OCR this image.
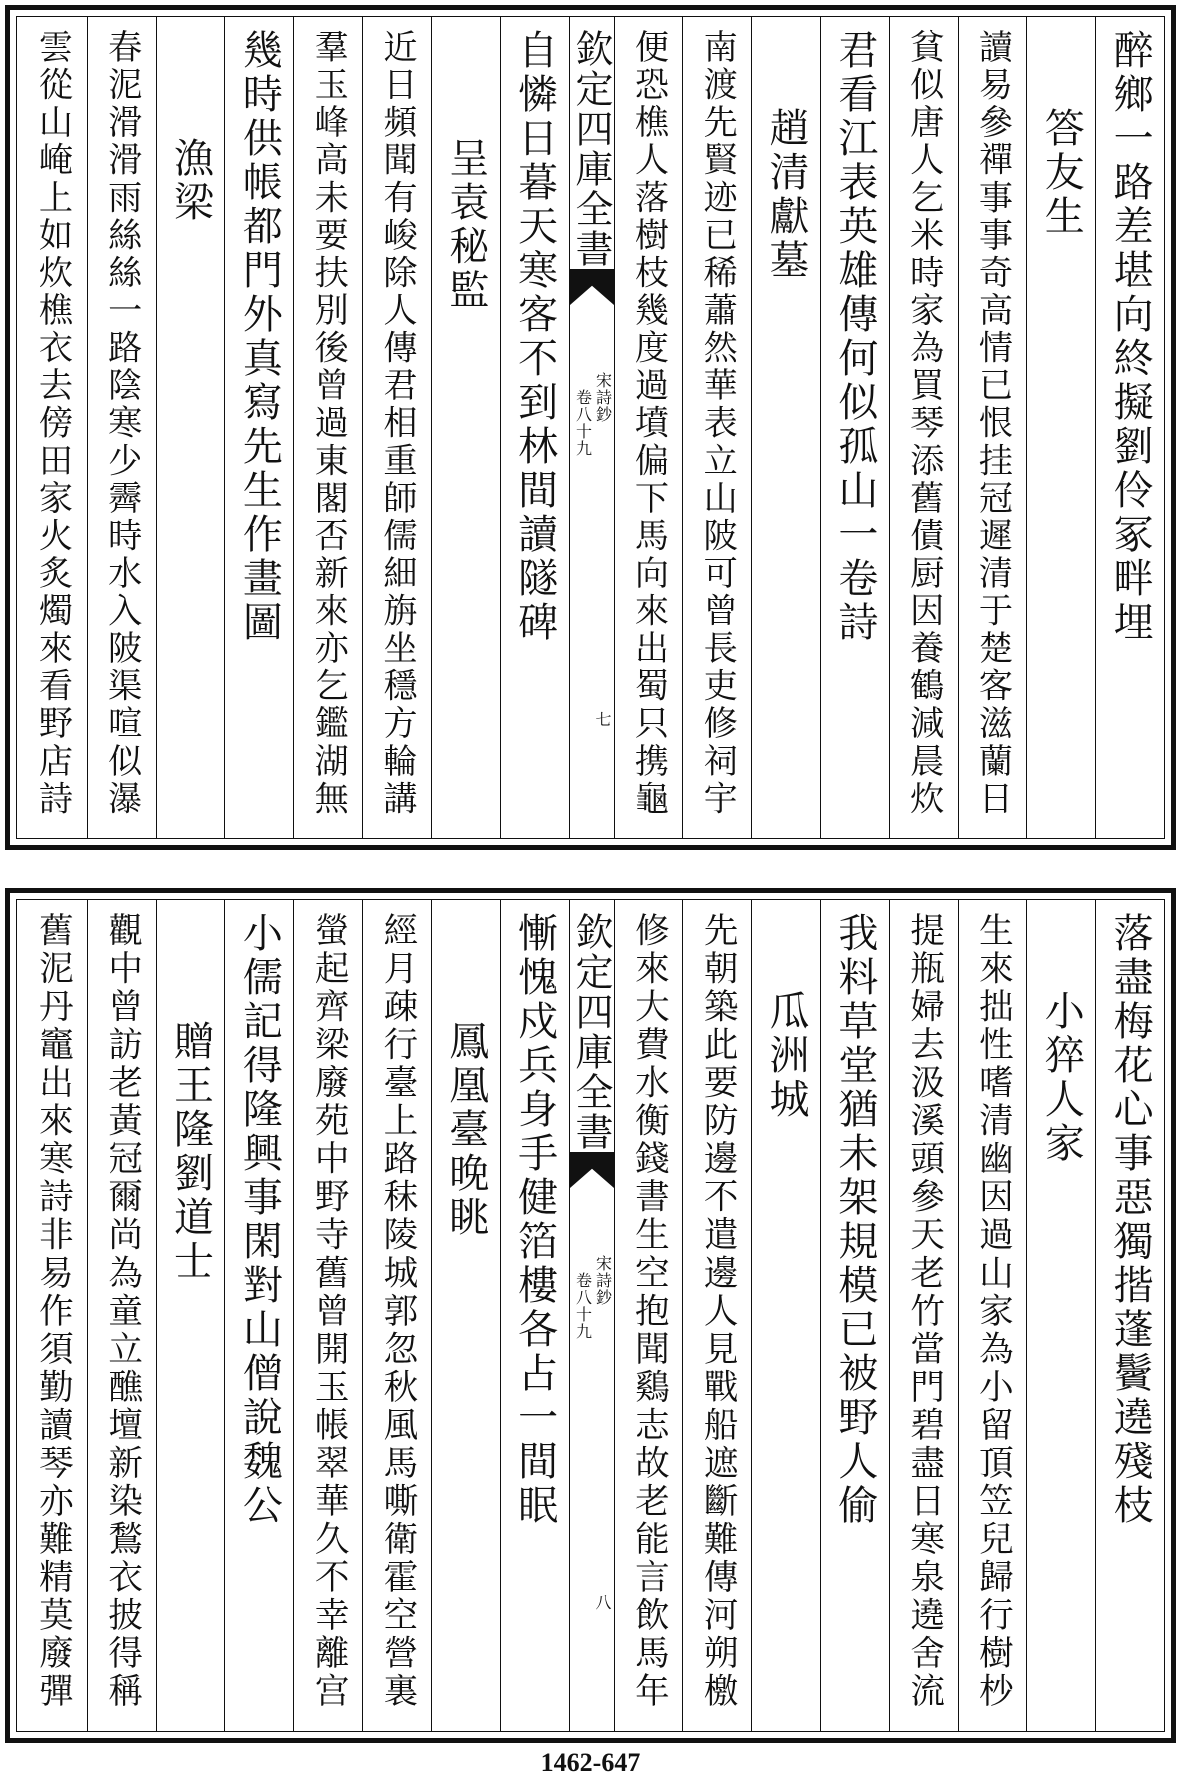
醉鄉一路差堪向終擬劉伶冢畔埋
答友生
讀易參禪事事奇高情已恨挂冠遲清于楚客滋蘭日
貧似唐人乞米時家為買琴添舊債厨因養鶴減晨炊
君看江表英雄傳何似孤山一卷詩
趙清獻墓
南渡先賢迹已稀蕭然華表立山陂可曾長吏修祠宇
便恐樵人落樹枝幾度過墳偏下馬向來出蜀只携龜
欽定四庫全書
宋詩鈔
卷八十九
七
自憐日暮天寒客不到林間讀隧碑
呈袁秘監
近日頻聞有峻除人傳君相重師儒細旃坐穩方輪講
羣玉峰高未要扶別後曾過東閣否新來亦乞鑑湖無
幾時供帳都門外真寫先生作畫圖
漁梁
春泥滑滑雨絲絲一路陰寒少霽時水入陂渠喧似瀑
雲從山崦上如炊樵衣去傍田家火炙燭來看野店詩
落盡梅花心事惡獨揩蓬鬢遶殘枝
小猝人家
生來拙性嗜清幽因過山家為小留頂笠兒歸行樹杪
提瓶婦去汲溪頭參天老竹當門碧盡日寒泉遶舍流
我料草堂猶未架規模已被野人偷
瓜洲城
先朝築此要防邊不遣邊人見戰船遮斷難傳河朔檄
修來大費水衡錢書生空抱聞鷄志故老能言飲馬年
欽定四庫全書
宋詩鈔
卷八十九
八
慚愧戍兵身手健箔樓各占一間眠
鳳凰臺晚眺
經月疎行臺上路秣陵城郭忽秋風馬嘶衛霍空營裏
螢起齊梁廢苑中野寺舊曾開玉帳翠華久不幸離宫
小儒記得隆興事閑對山僧說魏公
贈王隆劉道士
觀中曾訪老黃冠爾尚為童立醮壇新染鶖衣披得稱
舊泥丹竈出來寒詩非易作須勤讀琴亦難精莫廢彈
1462-647
